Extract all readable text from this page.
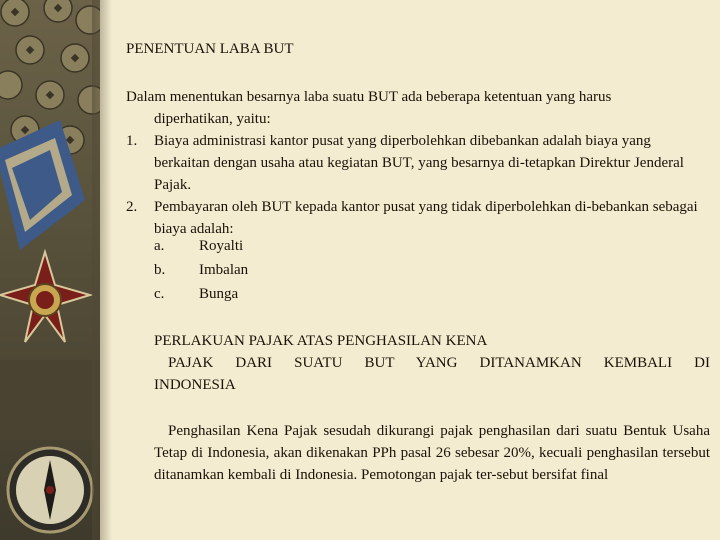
PENENTUAN LABA BUT
Dalam menentukan besarnya laba suatu BUT ada beberapa ketentuan yang harus
diperhatikan, yaitu:
1.	Biaya administrasi kantor pusat yang diperbolehkan dibebankan adalah biaya yang berkaitan dengan usaha atau kegiatan BUT, yang besarnya di-tetapkan Direktur Jenderal Pajak.
2.	Pembayaran oleh BUT kepada kantor pusat yang tidak diperbolehkan di-bebankan sebagai biaya adalah:
a.	Royalti
b.	Imbalan
c.	Bunga
PERLAKUAN PAJAK ATAS PENGHASILAN KENA
PAJAK DARI SUATU BUT YANG DITANAMKAN KEMBALI DI
INDONESIA
Penghasilan Kena Pajak sesudah dikurangi pajak penghasilan dari suatu Bentuk Usaha Tetap di Indonesia, akan dikenakan PPh pasal 26 sebesar 20%, kecuali penghasilan tersebut ditanamkan kembali di Indonesia. Pemotongan pajak ter-sebut bersifat final
